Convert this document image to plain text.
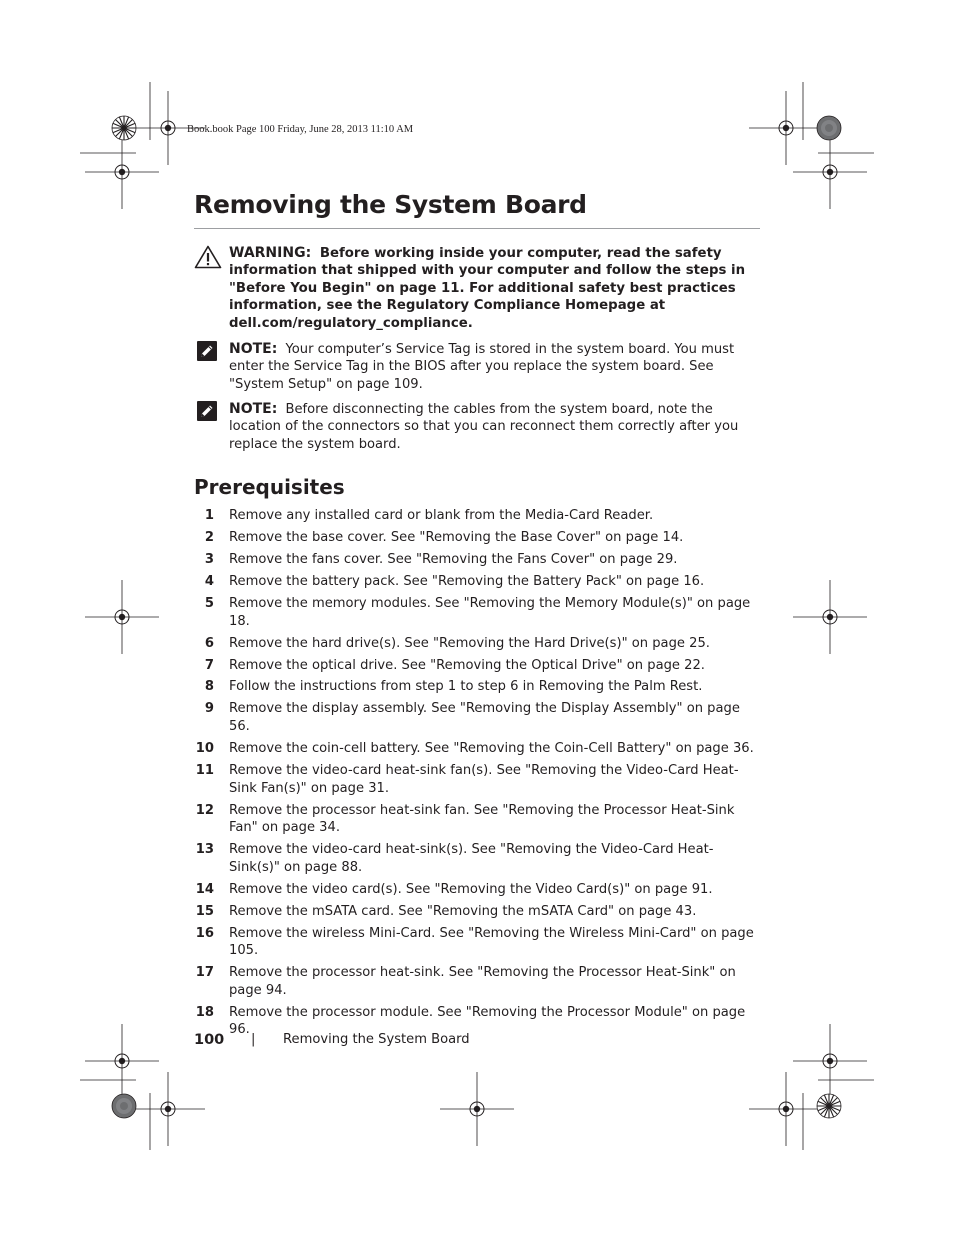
Book.book Page 100 Friday, June 28, 2013 11:10 AM
Removing the System Board
WARNING: Before working inside your computer, read the safety information that shipped with your computer and follow the steps in "Before You Begin" on page 11. For additional safety best practices information, see the Regulatory Compliance Homepage at dell.com/regulatory_compliance.
NOTE: Your computer’s Service Tag is stored in the system board. You must enter the Service Tag in the BIOS after you replace the system board. See "System Setup" on page 109.
NOTE: Before disconnecting the cables from the system board, note the location of the connectors so that you can reconnect them correctly after you replace the system board.
Prerequisites
1 Remove any installed card or blank from the Media-Card Reader.
2 Remove the base cover. See "Removing the Base Cover" on page 14.
3 Remove the fans cover. See "Removing the Fans Cover" on page 29.
4 Remove the battery pack. See "Removing the Battery Pack" on page 16.
5 Remove the memory modules. See "Removing the Memory Module(s)" on page 18.
6 Remove the hard drive(s). See "Removing the Hard Drive(s)" on page 25.
7 Remove the optical drive. See "Removing the Optical Drive" on page 22.
8 Follow the instructions from step 1 to step 6 in Removing the Palm Rest.
9 Remove the display assembly. See "Removing the Display Assembly" on page 56.
10 Remove the coin-cell battery. See "Removing the Coin-Cell Battery" on page 36.
11 Remove the video-card heat-sink fan(s). See "Removing the Video-Card Heat-Sink Fan(s)" on page 31.
12 Remove the processor heat-sink fan. See "Removing the Processor Heat-Sink Fan" on page 34.
13 Remove the video-card heat-sink(s). See "Removing the Video-Card Heat-Sink(s)" on page 88.
14 Remove the video card(s). See "Removing the Video Card(s)" on page 91.
15 Remove the mSATA card. See "Removing the mSATA Card" on page 43.
16 Remove the wireless Mini-Card. See "Removing the Wireless Mini-Card" on page 105.
17 Remove the processor heat-sink. See "Removing the Processor Heat-Sink" on page 94.
18 Remove the processor module. See "Removing the Processor Module" on page 96.
100 | Removing the System Board
